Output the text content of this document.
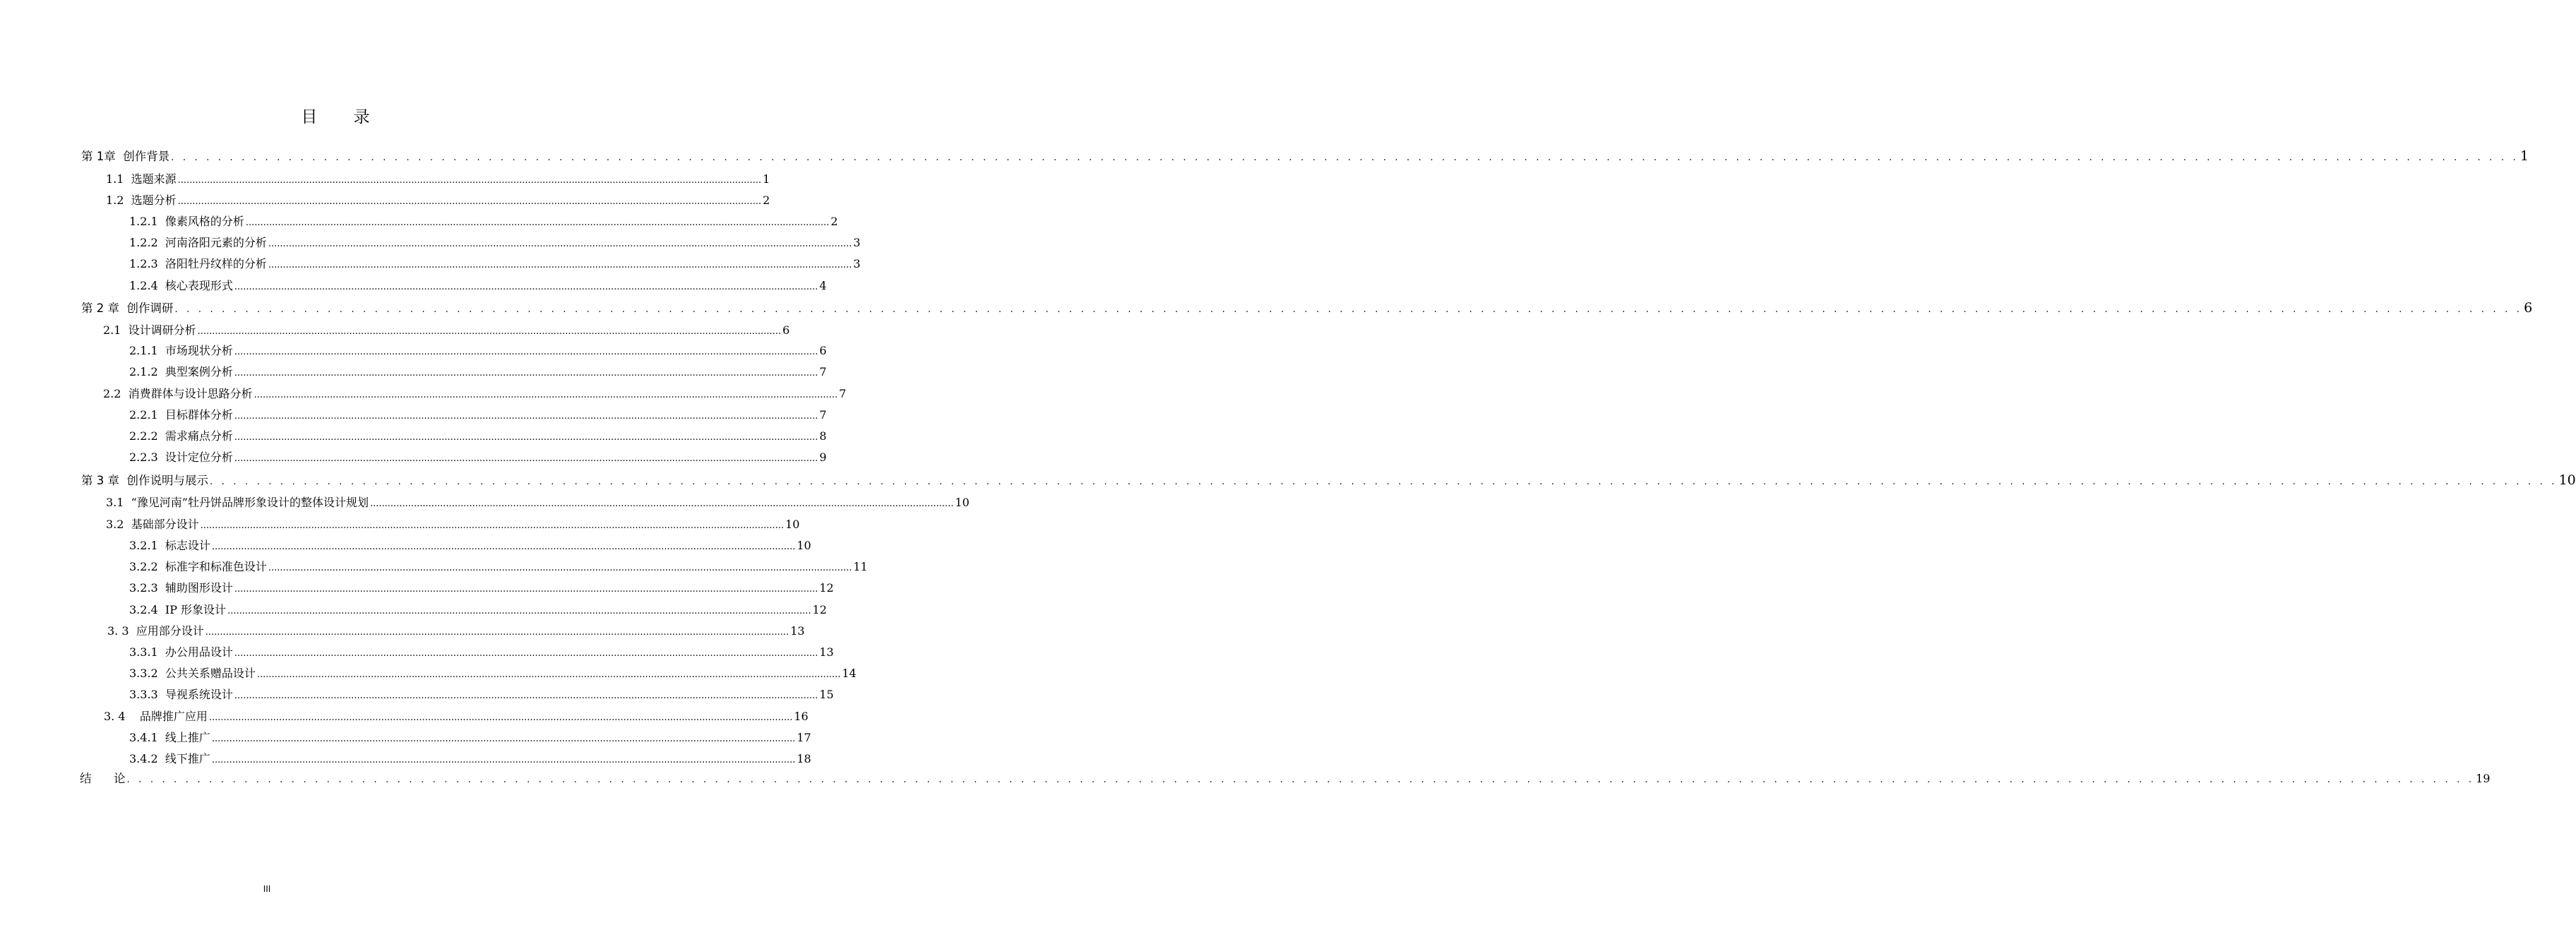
目 录
第 1章  创作背景 . . . . . . . . . . . . . . . . . . . . . . . . . . . . . . . . . . . . . . . . . . . . . . . . . . . . . . . . . . . . . . . . . . . . . . . . . . . . . . . . . . . . . . . . . . . . . . . . . . . . . . . . . . . . . . . . . . . . . . . . . . . . . . . . . . . . . . . . . . . . . . . . . . . . . . . . . . . . . . . . . . . . . . . . . . . . . . . . . . . . . . . . . . . . . . . . . . . . . . . . 1
1.1  选题来源 ........................................................................................................................................................................................................ 1
1.2  选题分析 ........................................................................................................................................................................................................ 2
1.2.1  像素风格的分析 ........................................................................................................................................................................................................ 2
1.2.2  河南洛阳元素的分析 ........................................................................................................................................................................................................ 3
1.2.3  洛阳牡丹纹样的分析 ........................................................................................................................................................................................................ 3
1.2.4  核心表现形式 ........................................................................................................................................................................................................ 4
第 2 章  创作调研 . . . . . . . . . . . . . . . . . . . . . . . . . . . . . . . . . . . . . . . . . . . . . . . . . . . . . . . . . . . . . . . . . . . . . . . . . . . . . . . . . . . . . . . . . . . . . . . . . . . . . . . . . . . . . . . . . . . . . . . . . . . . . . . . . . . . . . . . . . . . . . . . . . . . . . . . . . . . . . . . . . . . . . . . . . . . . . . . . . . . . . . . . . . . . . . . . . . . . . . . 6
2.1  设计调研分析 ........................................................................................................................................................................................................ 6
2.1.1  市场现状分析 ........................................................................................................................................................................................................ 6
2.1.2  典型案例分析 ........................................................................................................................................................................................................ 7
2.2  消费群体与设计思路分析 ........................................................................................................................................................................................................ 7
2.2.1  目标群体分析 ........................................................................................................................................................................................................ 7
2.2.2  需求痛点分析 ........................................................................................................................................................................................................ 8
2.2.3  设计定位分析 ........................................................................................................................................................................................................ 9
第 3 章  创作说明与展示 . . . . . . . . . . . . . . . . . . . . . . . . . . . . . . . . . . . . . . . . . . . . . . . . . . . . . . . . . . . . . . . . . . . . . . . . . . . . . . . . . . . . . . . . . . . . . . . . . . . . . . . . . . . . . . . . . . . . . . . . . . . . . . . . . . . . . . . . . . . . . . . . . . . . . . . . . . . . . . . . . . . . . . . . . . . . . . . . . . . . . . . . . . . . . . . . . . . . . . . . 10
3.1  “豫见河南”牡丹饼品牌形象设计的整体设计规划 ........................................................................................................................................................................................................ 10
3.2  基础部分设计 ........................................................................................................................................................................................................ 10
3.2.1  标志设计 ........................................................................................................................................................................................................ 10
3.2.2  标准字和标准色设计 ........................................................................................................................................................................................................ 11
3.2.3  辅助图形设计 ........................................................................................................................................................................................................ 12
3.2.4  IP 形象设计 ........................................................................................................................................................................................................ 12
3. 3  应用部分设计 ........................................................................................................................................................................................................ 13
3.3.1  办公用品设计 ........................................................................................................................................................................................................ 13
3.3.2  公共关系赠品设计 ........................................................................................................................................................................................................ 14
3.3.3  导视系统设计 ........................................................................................................................................................................................................ 15
3. 4    品牌推广应用 ........................................................................................................................................................................................................ 16
3.4.1  线上推广 ........................................................................................................................................................................................................ 17
3.4.2  线下推广 ........................................................................................................................................................................................................ 18
结      论 . . . . . . . . . . . . . . . . . . . . . . . . . . . . . . . . . . . . . . . . . . . . . . . . . . . . . . . . . . . . . . . . . . . . . . . . . . . . . . . . . . . . . . . . . . . . . . . . . . . . . . . . . . . . . . . . . . . . . . . . . . . . . . . . . . . . . . . . . . . . . . . . . . . . . . . . . . . . . . . . . . . . . . . . . . . . . . . . . . . . . . . . . . . . . . . . . . . . . . . . 19
III
